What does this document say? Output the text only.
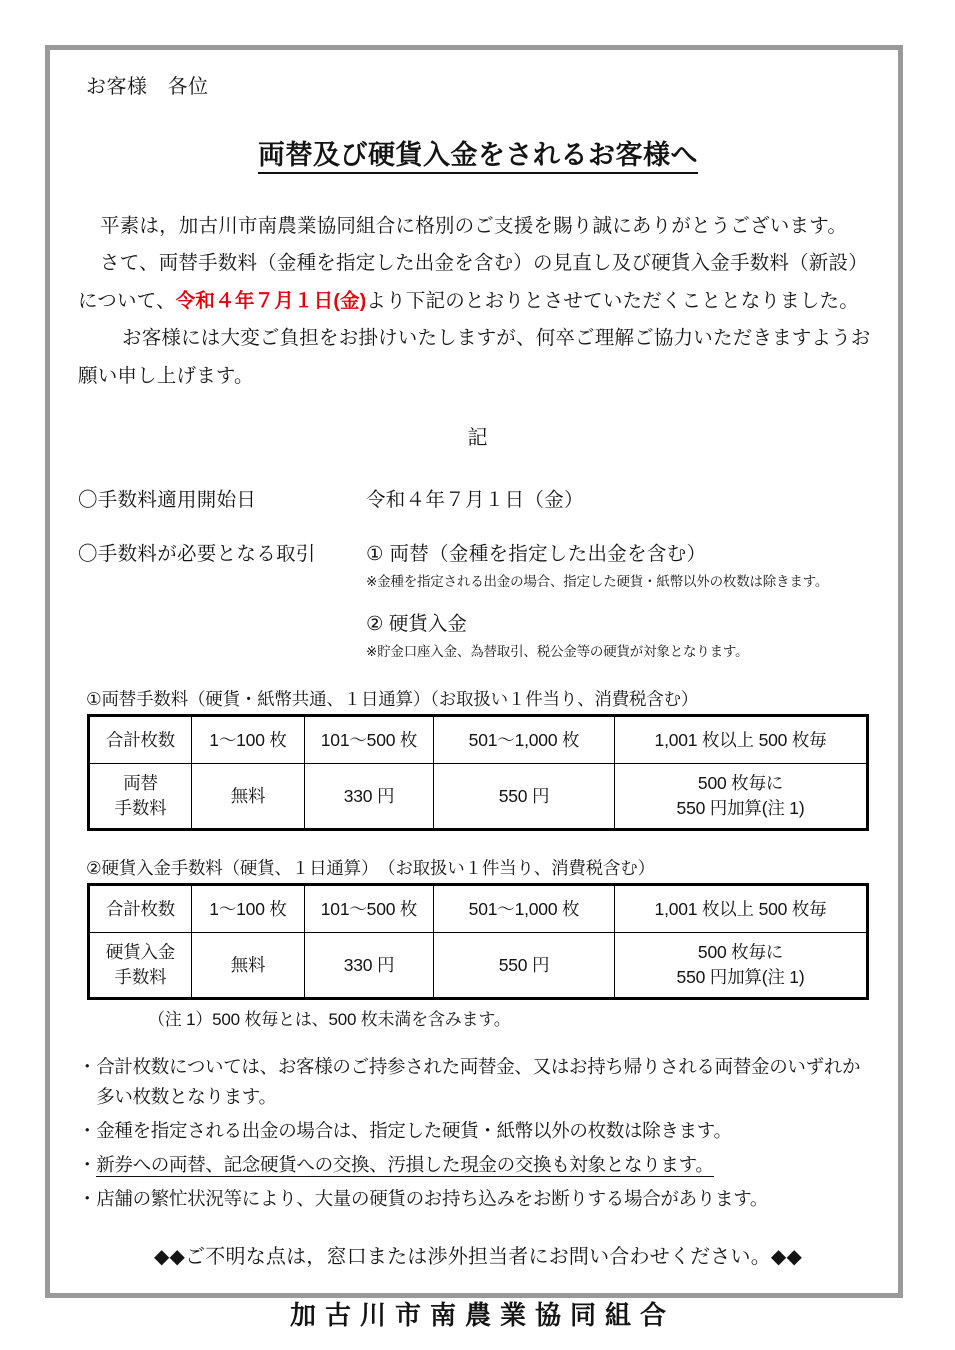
お客様 各位
両替及び硬貨入金をされるお客様へ

平素は，加古川市南農業協同組合に格別のご支援を賜り誠にありがとうございます。

さて、両替手数料（金種を指定した出金を含む）の見直し及び硬貨入金手数料（新設）について、令和４年７月１日(金)より下記のとおりとさせていただくこととなりました。

お客様には大変ご負担をお掛けいたしますが、何卒ご理解ご協力いただきますようお願い申し上げます。

記
〇手数料適用開始日	令和４年７月１日（金）
〇手数料が必要となる取引	① 両替（金種を指定した出金を含む）
※金種を指定される出金の場合、指定した硬貨・紙幣以外の枚数は除きます。
② 硬貨入金
※貯金口座入金、為替取引、税公金等の硬貨が対象となります。
①両替手数料（硬貨・紙幣共通、１日通算）（お取扱い１件当り、消費税含む）
合計枚数	1〜100 枚	101〜500 枚	501〜1,000 枚	1,001 枚以上 500 枚毎
両替
手数料	無料	330 円	550 円	500 枚毎に
550 円加算(注 1)
②硬貨入金手数料（硬貨、１日通算）　（お取扱い１件当り、消費税含む）
合計枚数	1〜100 枚	101〜500 枚	501〜1,000 枚	1,001 枚以上 500 枚毎
硬貨入金
手数料	無料	330 円	550 円	500 枚毎に
550 円加算(注 1)
（注 1）500 枚毎とは、500 枚未満を含みます。
・ 合計枚数については、お客様のご持参された両替金、又はお持ち帰りされる両替金のいずれか多い枚数となります。
・ 金種を指定される出金の場合は、指定した硬貨・紙幣以外の枚数は除きます。
・ 新券への両替、記念硬貨への交換、汚損した現金の交換も対象となります。
・ 店舗の繁忙状況等により、大量の硬貨のお持ち込みをお断りする場合があります。
◆◆ご不明な点は，窓口または渉外担当者にお問い合わせください。◆◆
加古川市南農業協同組合
